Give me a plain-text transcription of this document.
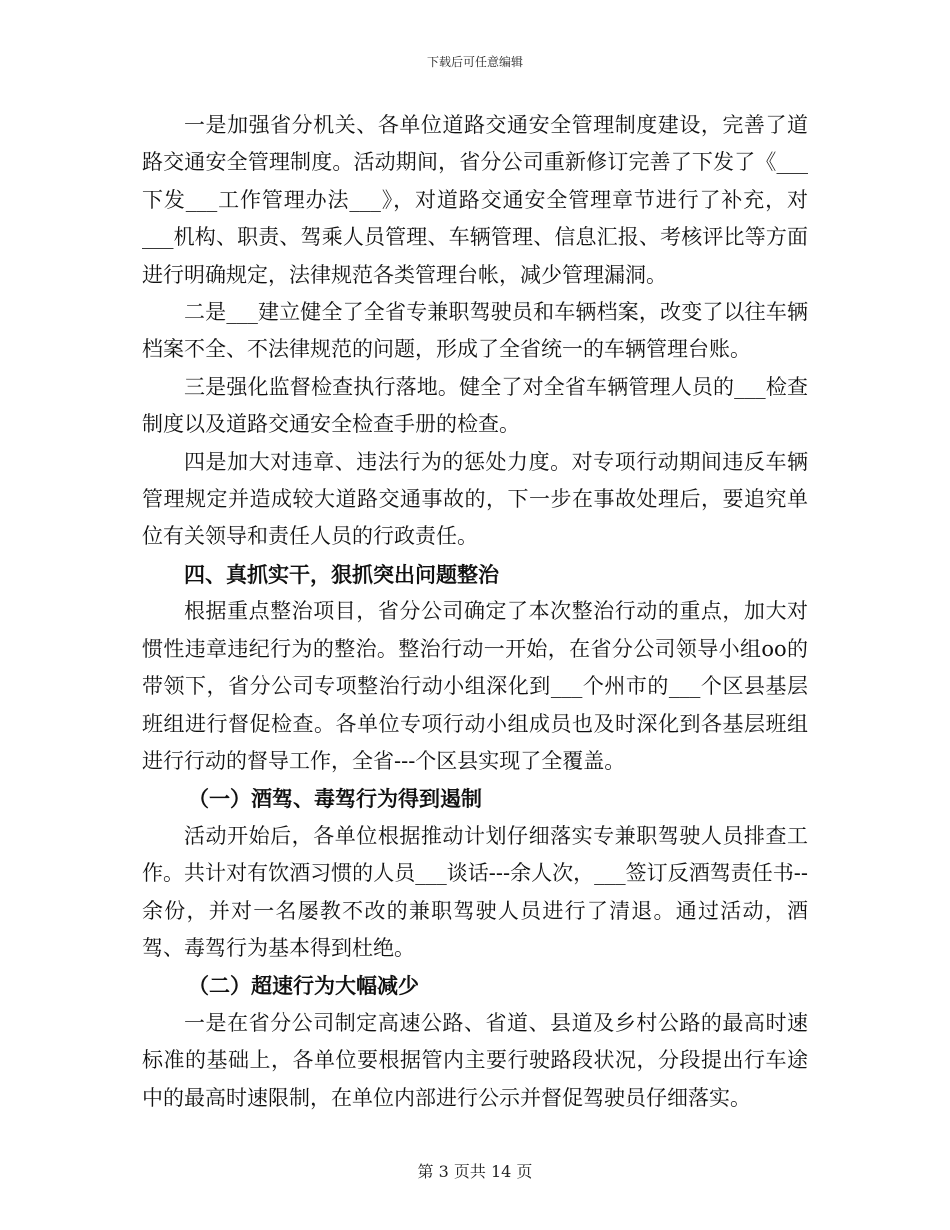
下载后可任意编辑

一是加强省分机关、各单位道路交通安全管理制度建设，完善了道路交通安全管理制度。活动期间，省分公司重新修订完善了下发了《___下发___工作管理办法___》，对道路交通安全管理章节进行了补充，对___机构、职责、驾乘人员管理、车辆管理、信息汇报、考核评比等方面进行明确规定，法律规范各类管理台帐，减少管理漏洞。

二是___建立健全了全省专兼职驾驶员和车辆档案，改变了以往车辆档案不全、不法律规范的问题，形成了全省统一的车辆管理台账。

三是强化监督检查执行落地。健全了对全省车辆管理人员的___检查制度以及道路交通安全检查手册的检查。

四是加大对违章、违法行为的惩处力度。对专项行动期间违反车辆管理规定并造成较大道路交通事故的，下一步在事故处理后，要追究单位有关领导和责任人员的行政责任。

四、真抓实干，狠抓突出问题整治

根据重点整治项目，省分公司确定了本次整治行动的重点，加大对惯性违章违纪行为的整治。整治行动一开始，在省分公司领导小组oo的带领下，省分公司专项整治行动小组深化到___个州市的___个区县基层班组进行督促检查。各单位专项行动小组成员也及时深化到各基层班组进行行动的督导工作，全省---个区县实现了全覆盖。

（一）酒驾、毒驾行为得到遏制

活动开始后，各单位根据推动计划仔细落实专兼职驾驶人员排查工作。共计对有饮酒习惯的人员___谈话---余人次，___签订反酒驾责任书--余份，并对一名屡教不改的兼职驾驶人员进行了清退。通过活动，酒驾、毒驾行为基本得到杜绝。

（二）超速行为大幅减少

一是在省分公司制定高速公路、省道、县道及乡村公路的最高时速标准的基础上，各单位要根据管内主要行驶路段状况，分段提出行车途中的最高时速限制，在单位内部进行公示并督促驾驶员仔细落实。

第 3 页共 14 页
